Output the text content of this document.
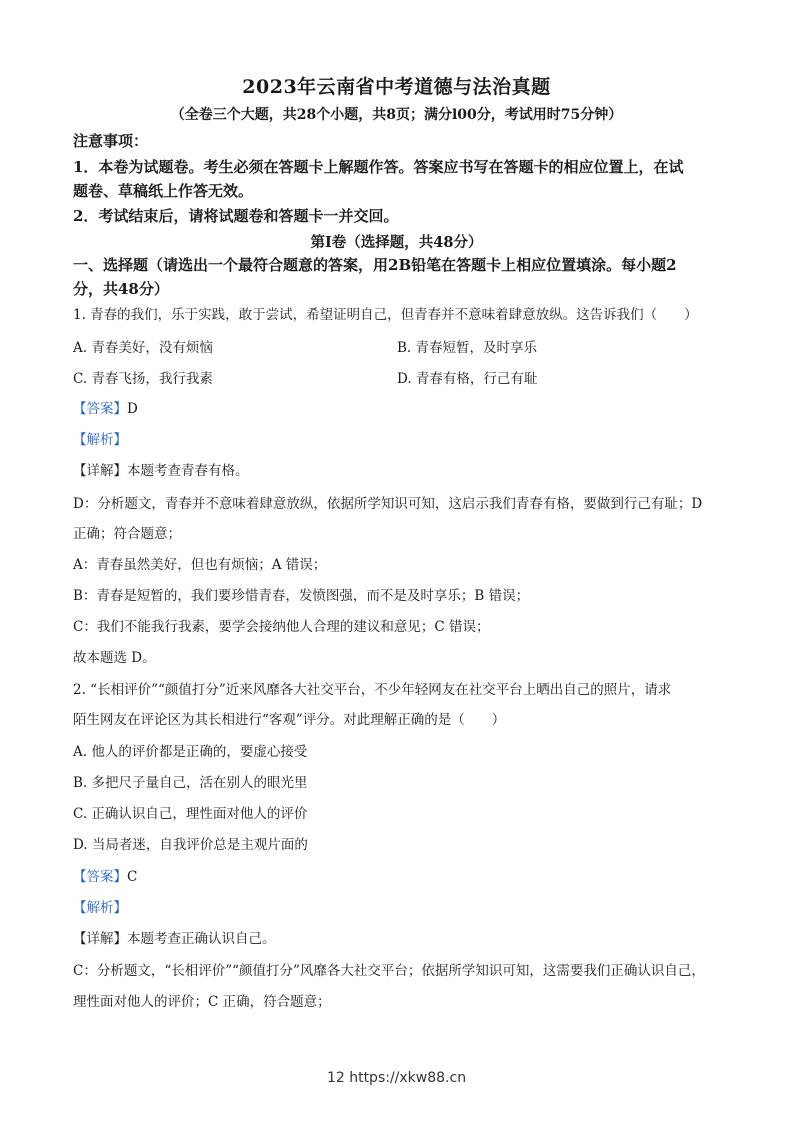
2023年云南省中考道德与法治真题
（全卷三个大题，共28个小题，共8页；满分l00分，考试用时75分钟）
注意事项：
1．本卷为试题卷。考生必须在答题卡上解题作答。答案应书写在答题卡的相应位置上，在试
题卷、草稿纸上作答无效。
2．考试结束后，请将试题卷和答题卡一并交回。
第Ⅰ卷（选择题，共48分）
一、选择题（请选出一个最符合题意的答案，用2B铅笔在答题卡上相应位置填涂。每小题2
分，共48分）
1. 青春的我们，乐于实践，敢于尝试，希望证明自己，但青春并不意味着肆意放纵。这告诉我们（　　）
A. 青春美好，没有烦恼	B. 青春短暂，及时享乐
C. 青春飞扬，我行我素	D. 青春有格，行己有耻
【答案】D
【解析】
【详解】本题考查青春有格。
D：分析题文，青春并不意味着肆意放纵，依据所学知识可知，这启示我们青春有格，要做到行己有耻；D
正确；符合题意；
A：青春虽然美好，但也有烦恼；A 错误；
B：青春是短暂的，我们要珍惜青春，发愤图强，而不是及时享乐；B 错误；
C：我们不能我行我素，要学会接纳他人合理的建议和意见；C 错误；
故本题选 D。
2. “长相评价”“颜值打分”近来风靡各大社交平台，不少年轻网友在社交平台上晒出自己的照片，请求
陌生网友在评论区为其长相进行“客观”评分。对此理解正确的是（　　）
A. 他人的评价都是正确的，要虚心接受
B. 多把尺子量自己，活在别人的眼光里
C. 正确认识自己，理性面对他人的评价
D. 当局者迷，自我评价总是主观片面的
【答案】C
【解析】
【详解】本题考查正确认识自己。
C：分析题文，“长相评价”“颜值打分”风靡各大社交平台；依据所学知识可知，这需要我们正确认识自己，
理性面对他人的评价；C 正确，符合题意；
12 https://xkw88.cn
